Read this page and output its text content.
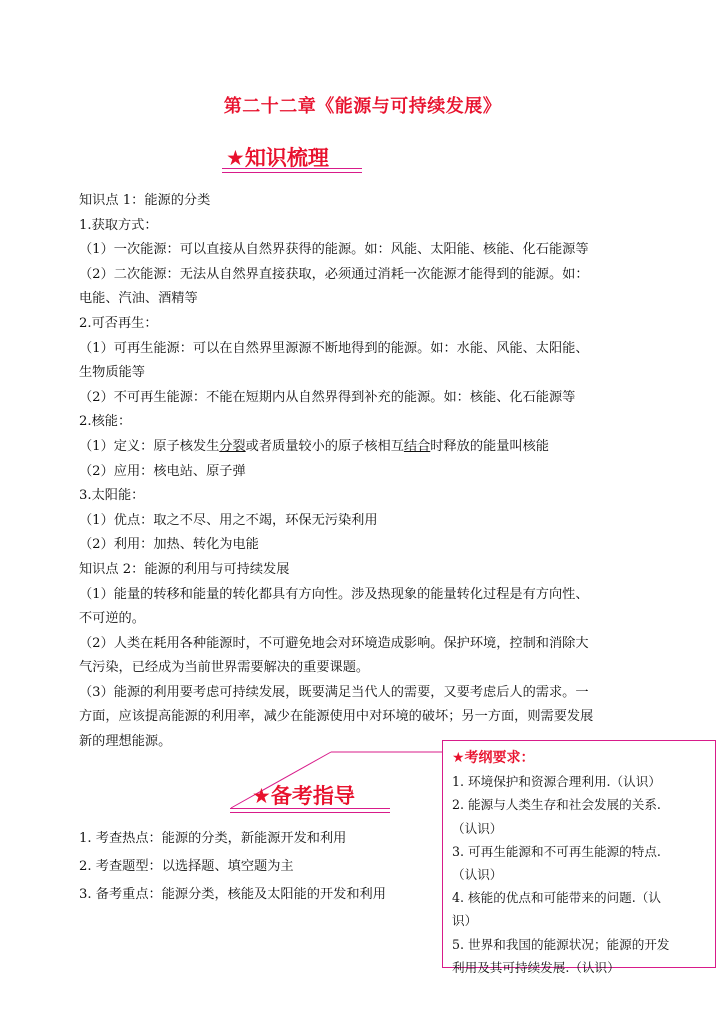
第二十二章《能源与可持续发展》
★知识梳理

知识点 1：能源的分类

1.获取方式：

（1）一次能源：可以直接从自然界获得的能源。如：风能、太阳能、核能、化石能源等

（2）二次能源：无法从自然界直接获取，必须通过消耗一次能源才能得到的能源。如：

电能、汽油、酒精等

2.可否再生：

（1）可再生能源：可以在自然界里源源不断地得到的能源。如：水能、风能、太阳能、

生物质能等

（2）不可再生能源：不能在短期内从自然界得到补充的能源。如：核能、化石能源等

2.核能：

（1）定义：原子核发生分裂或者质量较小的原子核相互结合时释放的能量叫核能

（2）应用：核电站、原子弹

3.太阳能：

（1）优点：取之不尽、用之不竭，环保无污染利用

（2）利用：加热、转化为电能

知识点 2：能源的利用与可持续发展

（1）能量的转移和能量的转化都具有方向性。涉及热现象的能量转化过程是有方向性、

不可逆的。

（2）人类在耗用各种能源时，不可避免地会对环境造成影响。保护环境，控制和消除大

气污染，已经成为当前世界需要解决的重要课题。

（3）能源的利用要考虑可持续发展，既要满足当代人的需要，又要考虑后人的需求。一

方面，应该提高能源的利用率，减少在能源使用中对环境的破坏；另一方面，则需要发展

新的理想能源。

★备考指导

1. 考查热点：能源的分类，新能源开发和利用

2. 考查题型：以选择题、填空题为主

3. 备考重点：能源分类，核能及太阳能的开发和利用

★考纲要求：

1. 环境保护和资源合理利用.（认识）

2. 能源与人类生存和社会发展的关系.

（认识）

3. 可再生能源和不可再生能源的特点.

（认识）

4. 核能的优点和可能带来的问题.（认

识）

5. 世界和我国的能源状况；能源的开发

利用及其可持续发展.（认识）
